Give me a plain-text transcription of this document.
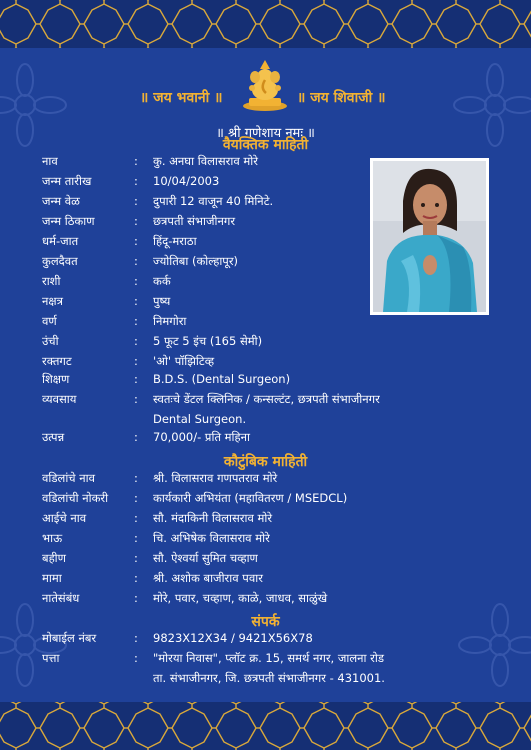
॥ जय भवानी ॥	॥ जय शिवाजी ॥
॥ श्री गणेशाय नमः ॥
वैयक्तिक माहिती
नाव	: कु. अनघा विलासराव मोरे
जन्म तारीख	: 10/04/2003
जन्म वेळ	: दुपारी 12 वाजून 40 मिनिटे.
जन्म ठिकाण	: छत्रपती संभाजीनगर
धर्म-जात	: हिंदू-मराठा
कुलदैवत	: ज्योतिबा (कोल्हापूर)
राशी	: कर्क
नक्षत्र	: पुष्य
वर्ण	: निमगोरा
उंची	: 5 फूट 5 इंच (165 सेमी)
रक्तगट	: 'ओ' पॉझिटिव्ह
शिक्षण	: B.D.S. (Dental Surgeon)
व्यवसाय	: स्वतःचे डेंटल क्लिनिक / कन्सल्टंट, छत्रपती संभाजीनगर
Dental Surgeon.
उत्पन्न	: 70,000/- प्रति महिना
कौटुंबिक माहिती
वडिलांचे नाव	: श्री. विलासराव गणपतराव मोरे
वडिलांची नोकरी	: कार्यकारी अभियंता (महावितरण / MSEDCL)
आईचे नाव	: सौ. मंदाकिनी विलासराव मोरे
भाऊ	: चि. अभिषेक विलासराव मोरे
बहीण	: सौ. ऐश्वर्या सुमित चव्हाण
मामा	: श्री. अशोक बाजीराव पवार
नातेसंबंध	: मोरे, पवार, चव्हाण, काळे, जाधव, साळुंखे
संपर्क
मोबाईल नंबर	: 9823X12X34 / 9421X56X78
पत्ता	: "मोरया निवास", प्लॉट क्र. 15, समर्थ नगर, जालना रोड
ता. संभाजीनगर, जि. छत्रपती संभाजीनगर - 431001.
